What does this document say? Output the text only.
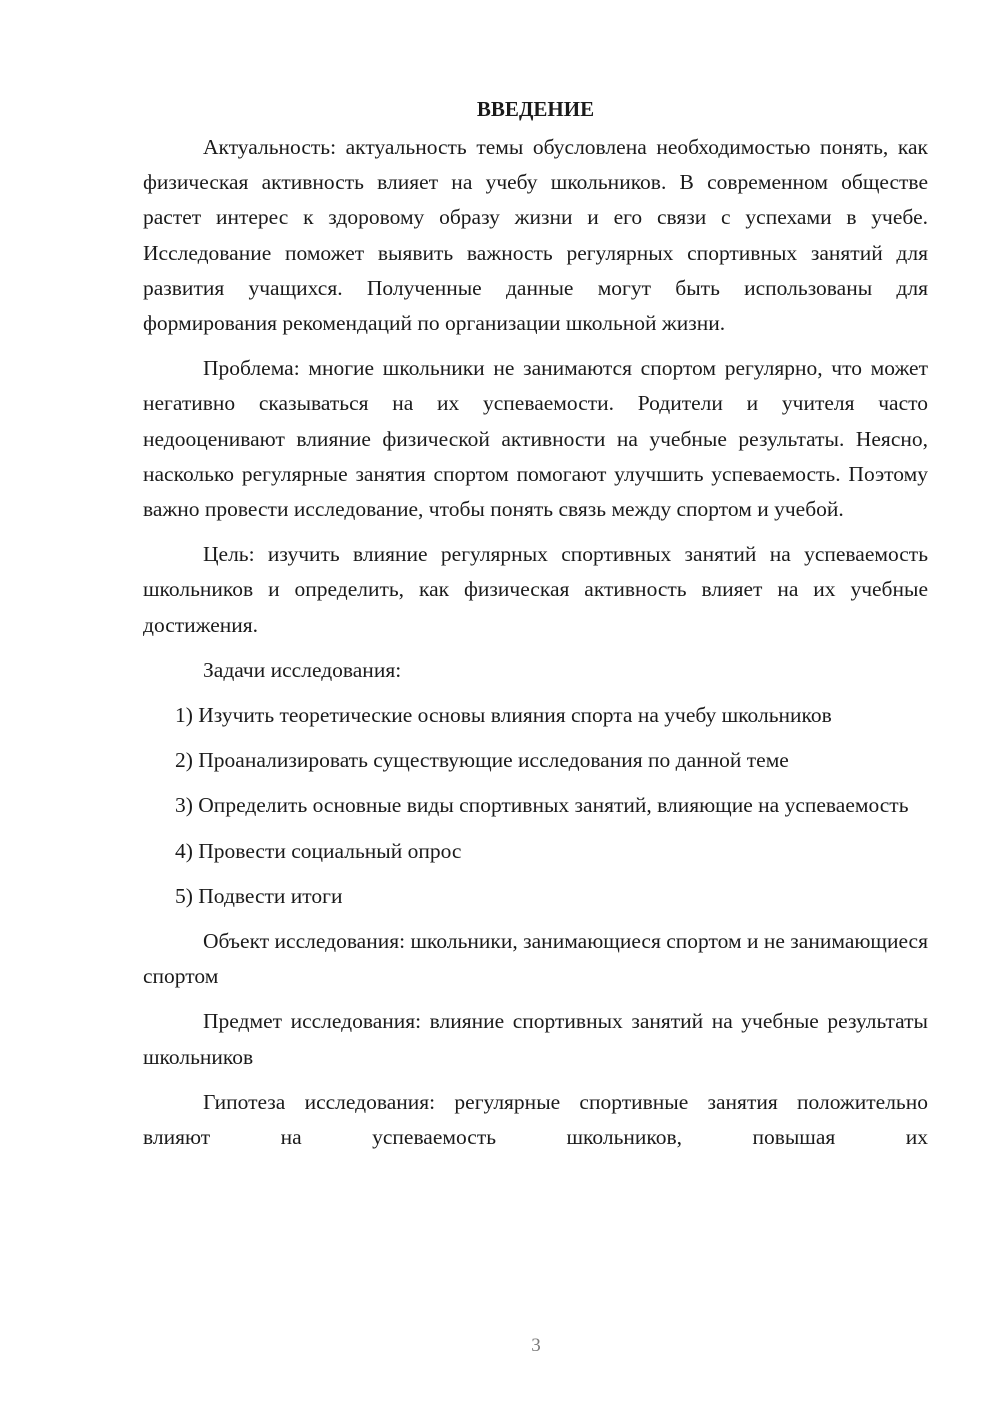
ВВЕДЕНИЕ

Актуальность: актуальность темы обусловлена необходимостью понять, как физическая активность влияет на учебу школьников. В современном обществе растет интерес к здоровому образу жизни и его связи с успехами в учебе. Исследование поможет выявить важность регулярных спортивных занятий для развития учащихся. Полученные данные могут быть использованы для формирования рекомендаций по организации школьной жизни.

Проблема: многие школьники не занимаются спортом регулярно, что может негативно сказываться на их успеваемости. Родители и учителя часто недооценивают влияние физической активности на учебные результаты. Неясно, насколько регулярные занятия спортом помогают улучшить успеваемость. Поэтому важно провести исследование, чтобы понять связь между спортом и учебой.

Цель: изучить влияние регулярных спортивных занятий на успеваемость школьников и определить, как физическая активность влияет на их учебные достижения.

Задачи исследования:

1) Изучить теоретические основы влияния спорта на учебу школьников

2) Проанализировать существующие исследования по данной теме

3) Определить основные виды спортивных занятий, влияющие на успеваемость

4) Провести социальный опрос

5) Подвести итоги

Объект исследования: школьники, занимающиеся спортом и не занимающиеся спортом

Предмет исследования: влияние спортивных занятий на учебные результаты школьников

Гипотеза исследования: регулярные спортивные занятия положительно влияют на успеваемость школьников, повышая их

3
